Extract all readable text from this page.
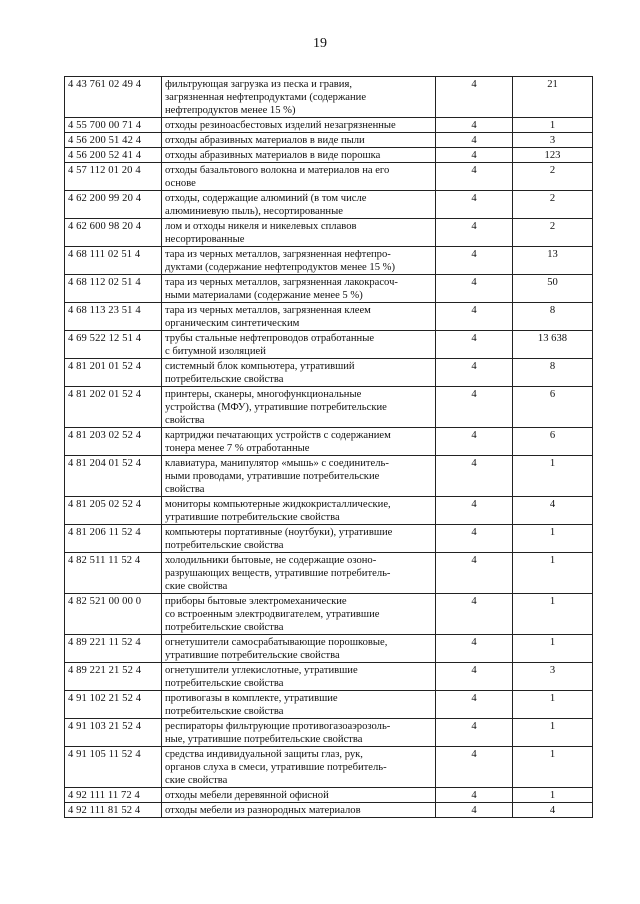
19
4 43 761 02 49 4	фильтрующая загрузка из песка и гравия,
загрязненная нефтепродуктами (содержание
нефтепродуктов менее 15 %)	4	21
4 55 700 00 71 4	отходы резиноасбестовых изделий незагрязненные	4	1
4 56 200 51 42 4	отходы абразивных материалов в виде пыли	4	3
4 56 200 52 41 4	отходы абразивных материалов в виде порошка	4	123
4 57 112 01 20 4	отходы базальтового волокна и материалов на его
основе	4	2
4 62 200 99 20 4	отходы, содержащие алюминий (в том числе
алюминиевую пыль), несортированные	4	2
4 62 600 98 20 4	лом и отходы никеля и никелевых сплавов
несортированные	4	2
4 68 111 02 51 4	тара из черных металлов, загрязненная нефтепро-
дуктами (содержание нефтепродуктов менее 15 %)	4	13
4 68 112 02 51 4	тара из черных металлов, загрязненная лакокрасоч-
ными материалами (содержание менее 5 %)	4	50
4 68 113 23 51 4	тара из черных металлов, загрязненная клеем
органическим синтетическим	4	8
4 69 522 12 51 4	трубы стальные нефтепроводов отработанные
с битумной изоляцией	4	13 638
4 81 201 01 52 4	системный блок компьютера, утративший
потребительские свойства	4	8
4 81 202 01 52 4	принтеры, сканеры, многофункциональные
устройства (МФУ), утратившие потребительские
свойства	4	6
4 81 203 02 52 4	картриджи печатающих устройств с содержанием
тонера менее 7 % отработанные	4	6
4 81 204 01 52 4	клавиатура, манипулятор «мышь» с соединитель-
ными проводами, утратившие потребительские
свойства	4	1
4 81 205 02 52 4	мониторы компьютерные жидкокристаллические,
утратившие потребительские свойства	4	4
4 81 206 11 52 4	компьютеры портативные (ноутбуки), утратившие
потребительские свойства	4	1
4 82 511 11 52 4	холодильники бытовые, не содержащие озоно-
разрушающих веществ, утратившие потребитель-
ские свойства	4	1
4 82 521 00 00 0	приборы бытовые электромеханические
со встроенным электродвигателем, утратившие
потребительские свойства	4	1
4 89 221 11 52 4	огнетушители самосрабатывающие порошковые,
утратившие потребительские свойства	4	1
4 89 221 21 52 4	огнетушители углекислотные, утратившие
потребительские свойства	4	3
4 91 102 21 52 4	противогазы в комплекте, утратившие
потребительские свойства	4	1
4 91 103 21 52 4	респираторы фильтрующие противогазоаэрозоль-
ные, утратившие потребительские свойства	4	1
4 91 105 11 52 4	средства индивидуальной защиты глаз, рук,
органов слуха в смеси, утратившие потребитель-
ские свойства	4	1
4 92 111 11 72 4	отходы мебели деревянной офисной	4	1
4 92 111 81 52 4	отходы мебели из разнородных материалов	4	4
